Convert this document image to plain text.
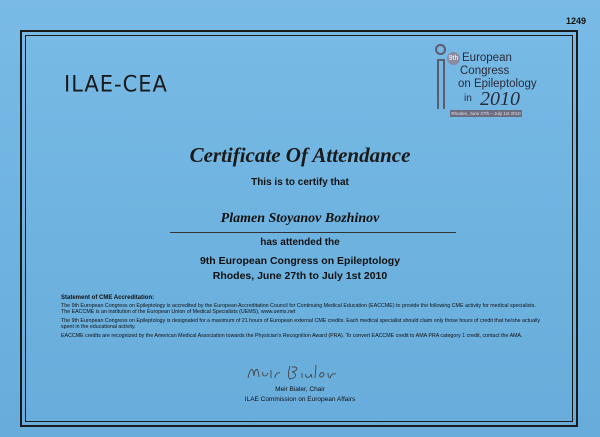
1249
ILAE-CEA
9th European
Congress
on Epileptology
in 2010
Rhodes, June 27th – July 1st 2010
Certificate Of Attendance
This is to certify that
Plamen Stoyanov Bozhinov
has attended the
9th European Congress on Epileptology
Rhodes, June 27th to July 1st 2010
Statement of CME Accreditation:

The 9th European Congress on Epileptology is accredited by the European Accreditation Council for Continuing Medical Education (EACCME) to provide the following CME activity for medical specialists. The EACCME is an institution of the European Union of Medical Specialists (UEMS), www.uems.net

The 9th European Congress on Epileptology is designated for a maximum of 21 hours of European external CME credits. Each medical specialist should claim only those hours of credit that he/she actually spent in the educational activity.

EACCME credits are recognized by the American Medical Association towards the Physician's Recognition Award (PRA). To convert EACCME credit to AMA PRA category 1 credit, contact the AMA.

Meir Bialer, Chair
ILAE Commission on European Affairs
